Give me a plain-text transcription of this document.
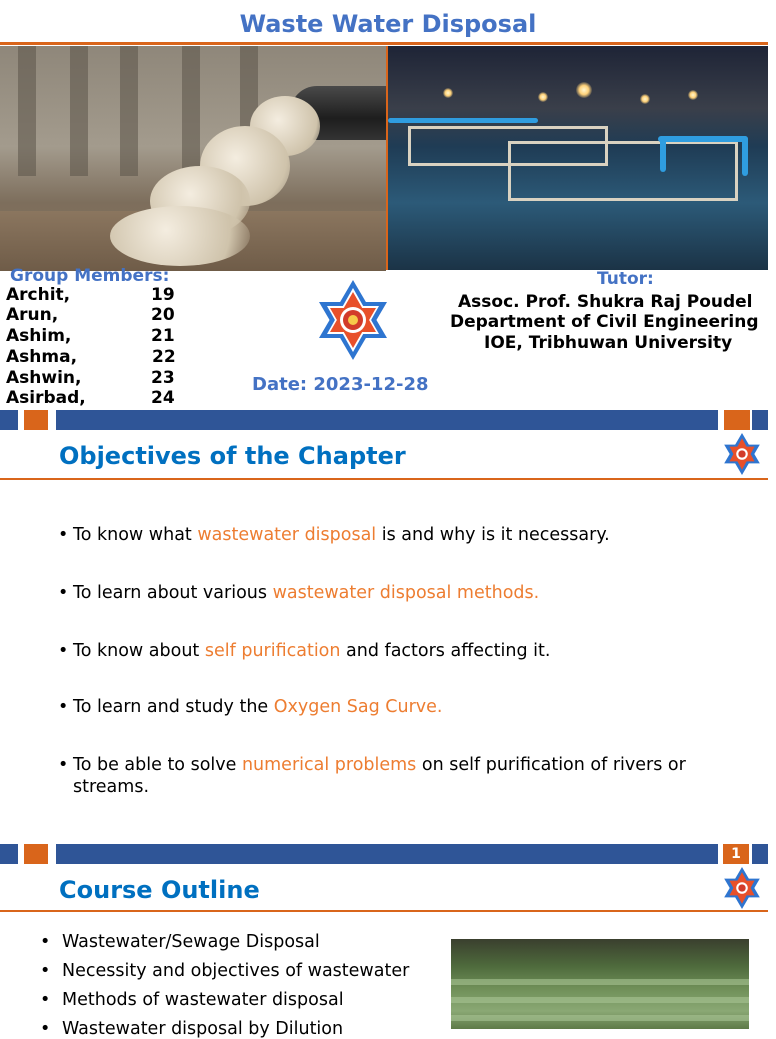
Waste Water Disposal
Group Members:
Archit,	19
Arun,	20
Ashim,	21
Ashma,	22
Ashwin,	23
Asirbad,	24
Date: 2023-12-28
Tutor:
Assoc. Prof. Shukra Raj Poudel
Department of Civil Engineering
IOE, Tribhuwan University
Objectives of the Chapter
• To know what wastewater disposal is and why is it necessary.
• To learn about various wastewater disposal methods.
• To know about self purification and factors affecting it.
• To learn and study the Oxygen Sag Curve.
• To be able to solve numerical problems on self purification of rivers or streams.
1
Course Outline
• Wastewater/Sewage Disposal
• Necessity and objectives of wastewater
• Methods of wastewater disposal
• Wastewater disposal by Dilution
